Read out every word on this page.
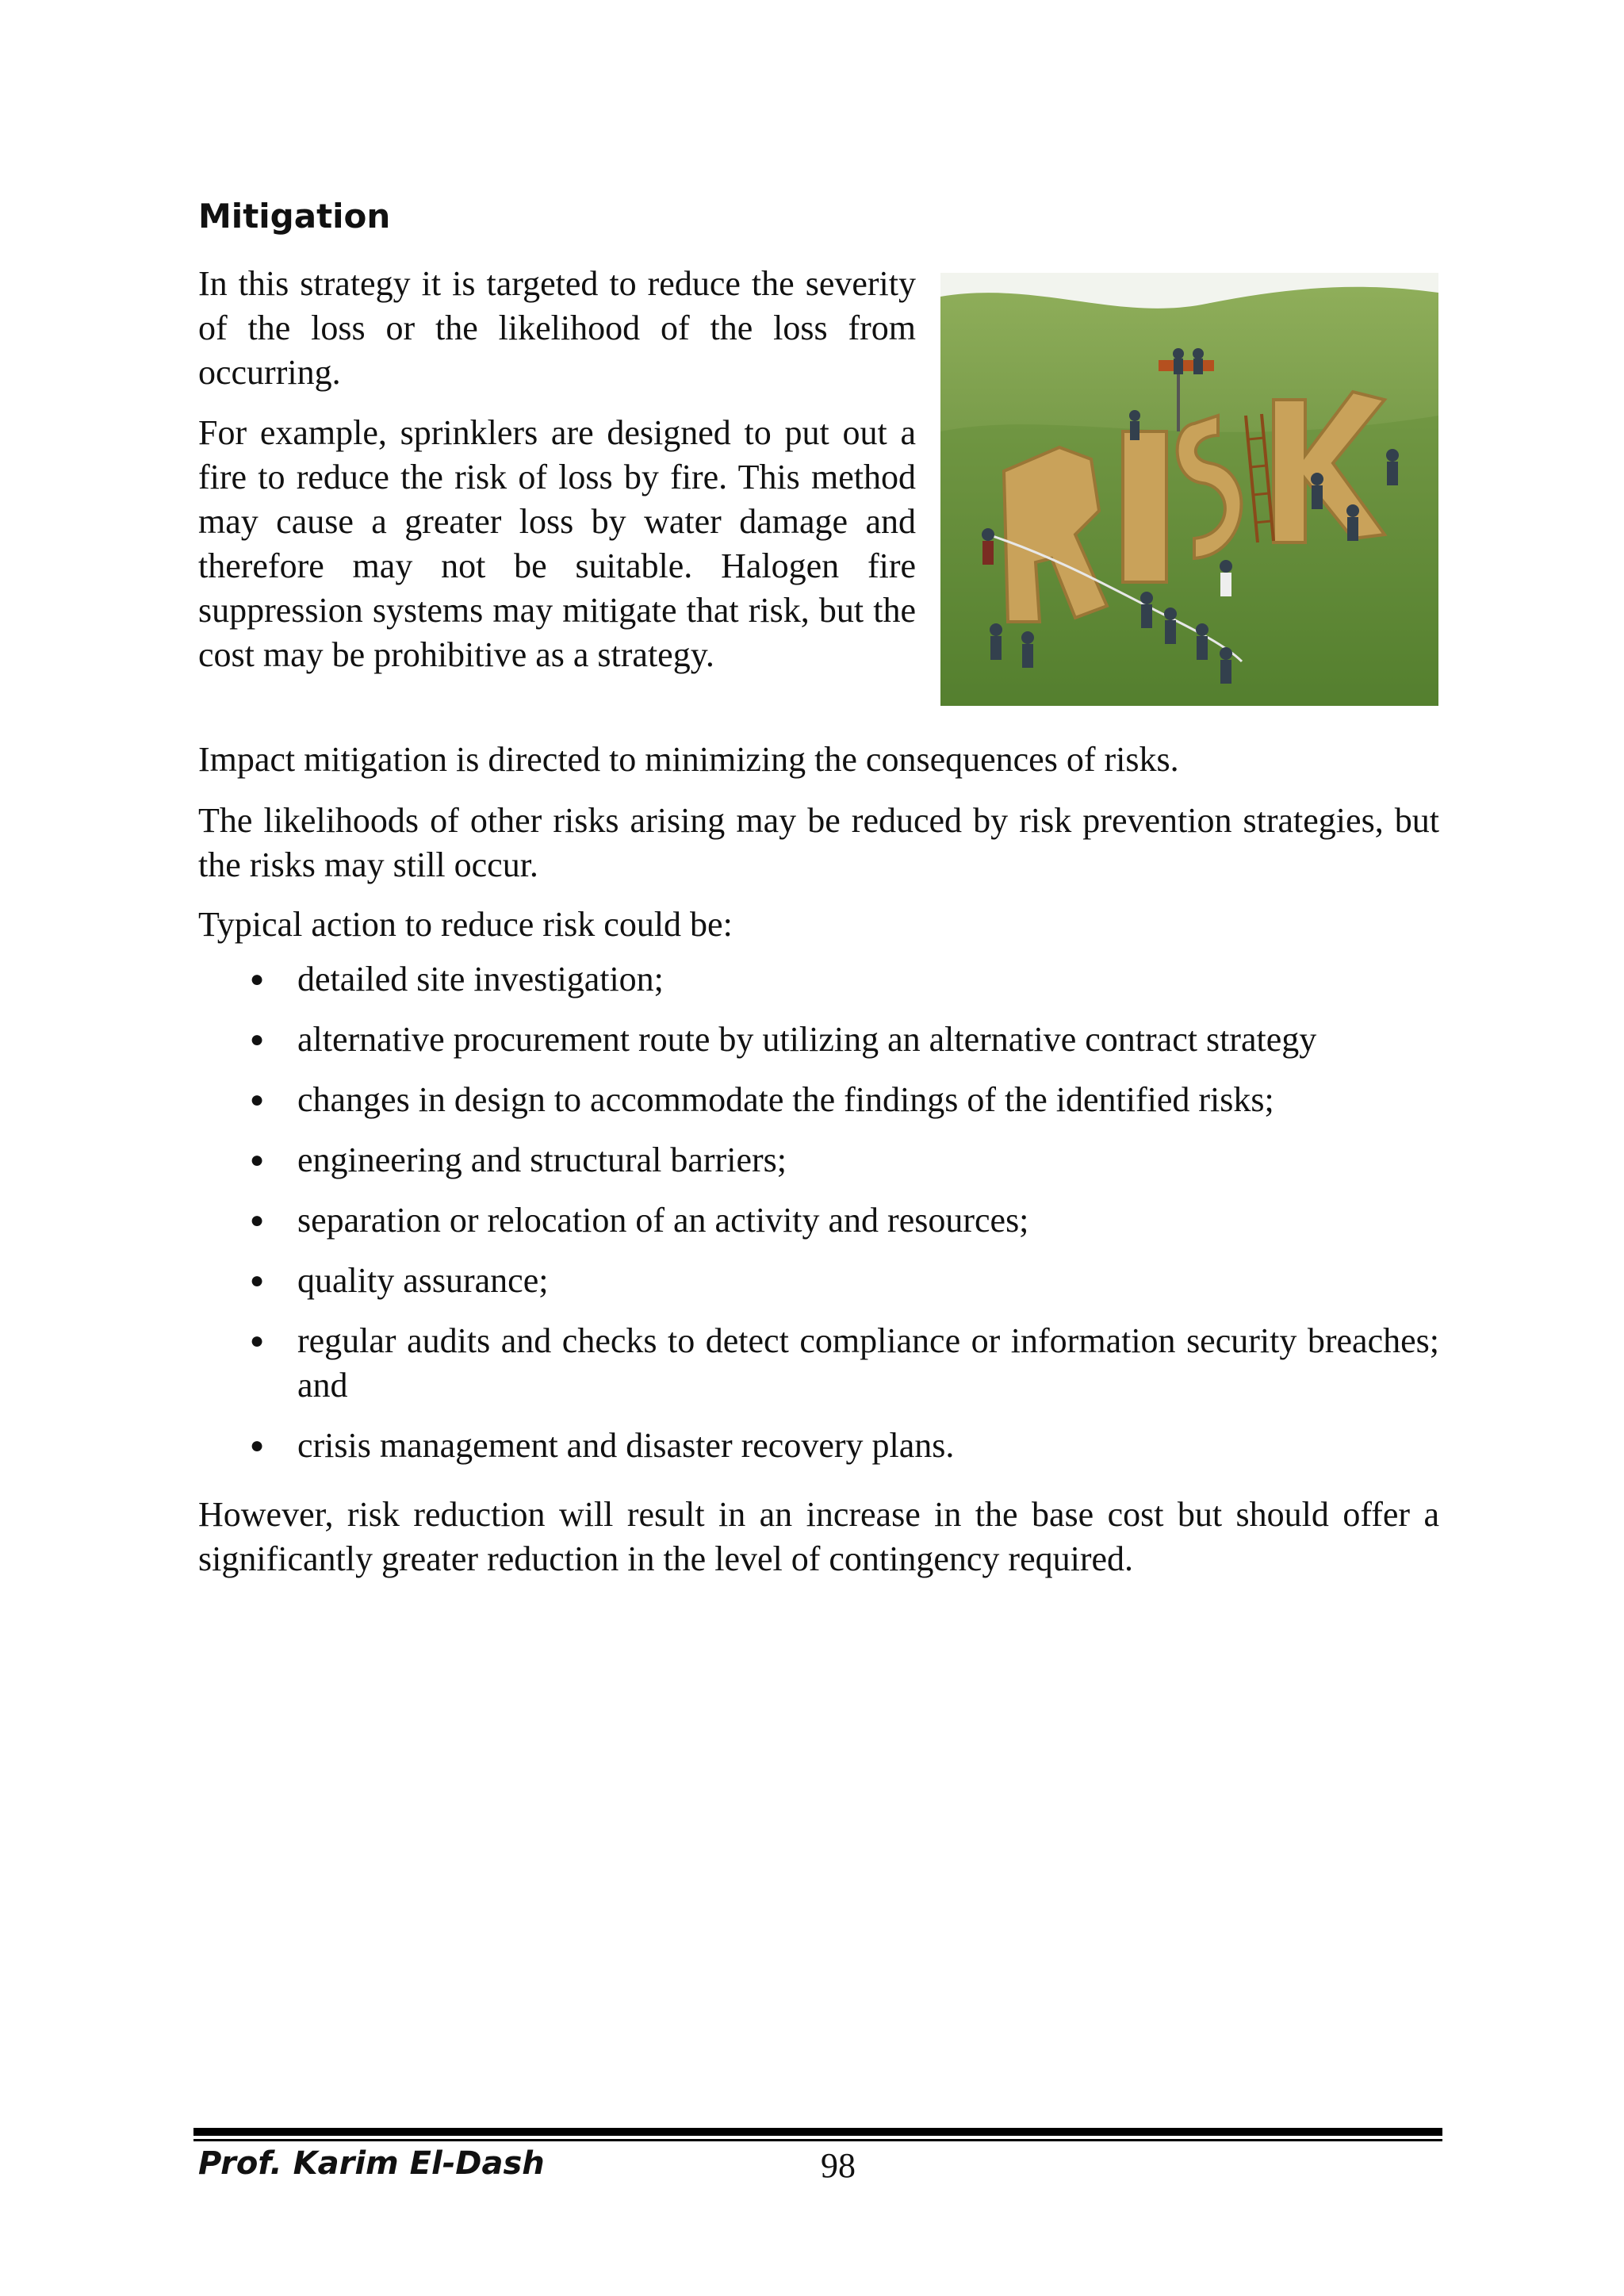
Mitigation

In this strategy it is targeted to reduce the severity of the loss or the likelihood of the loss from occurring.

For example, sprinklers are designed to put out a fire to reduce the risk of loss by fire. This method may cause a greater loss by water damage and therefore may not be suitable. Halogen fire suppression systems may mitigate that risk, but the cost may be prohibitive as a strategy.

Impact mitigation is directed to minimizing the consequences of risks.

The likelihoods of other risks arising may be reduced by risk prevention strategies, but the risks may still occur.

Typical action to reduce risk could be:

● detailed site investigation;
● alternative procurement route by utilizing an alternative contract strategy
● changes in design to accommodate the findings of the identified risks;
● engineering and structural barriers;
● separation or relocation of an activity and resources;
● quality assurance;
● regular audits and checks to detect compliance or information security breaches; and
● crisis management and disaster recovery plans.

However, risk reduction will result in an increase in the base cost but should offer a significantly greater reduction in the level of contingency required.

Prof. Karim El-Dash	98
